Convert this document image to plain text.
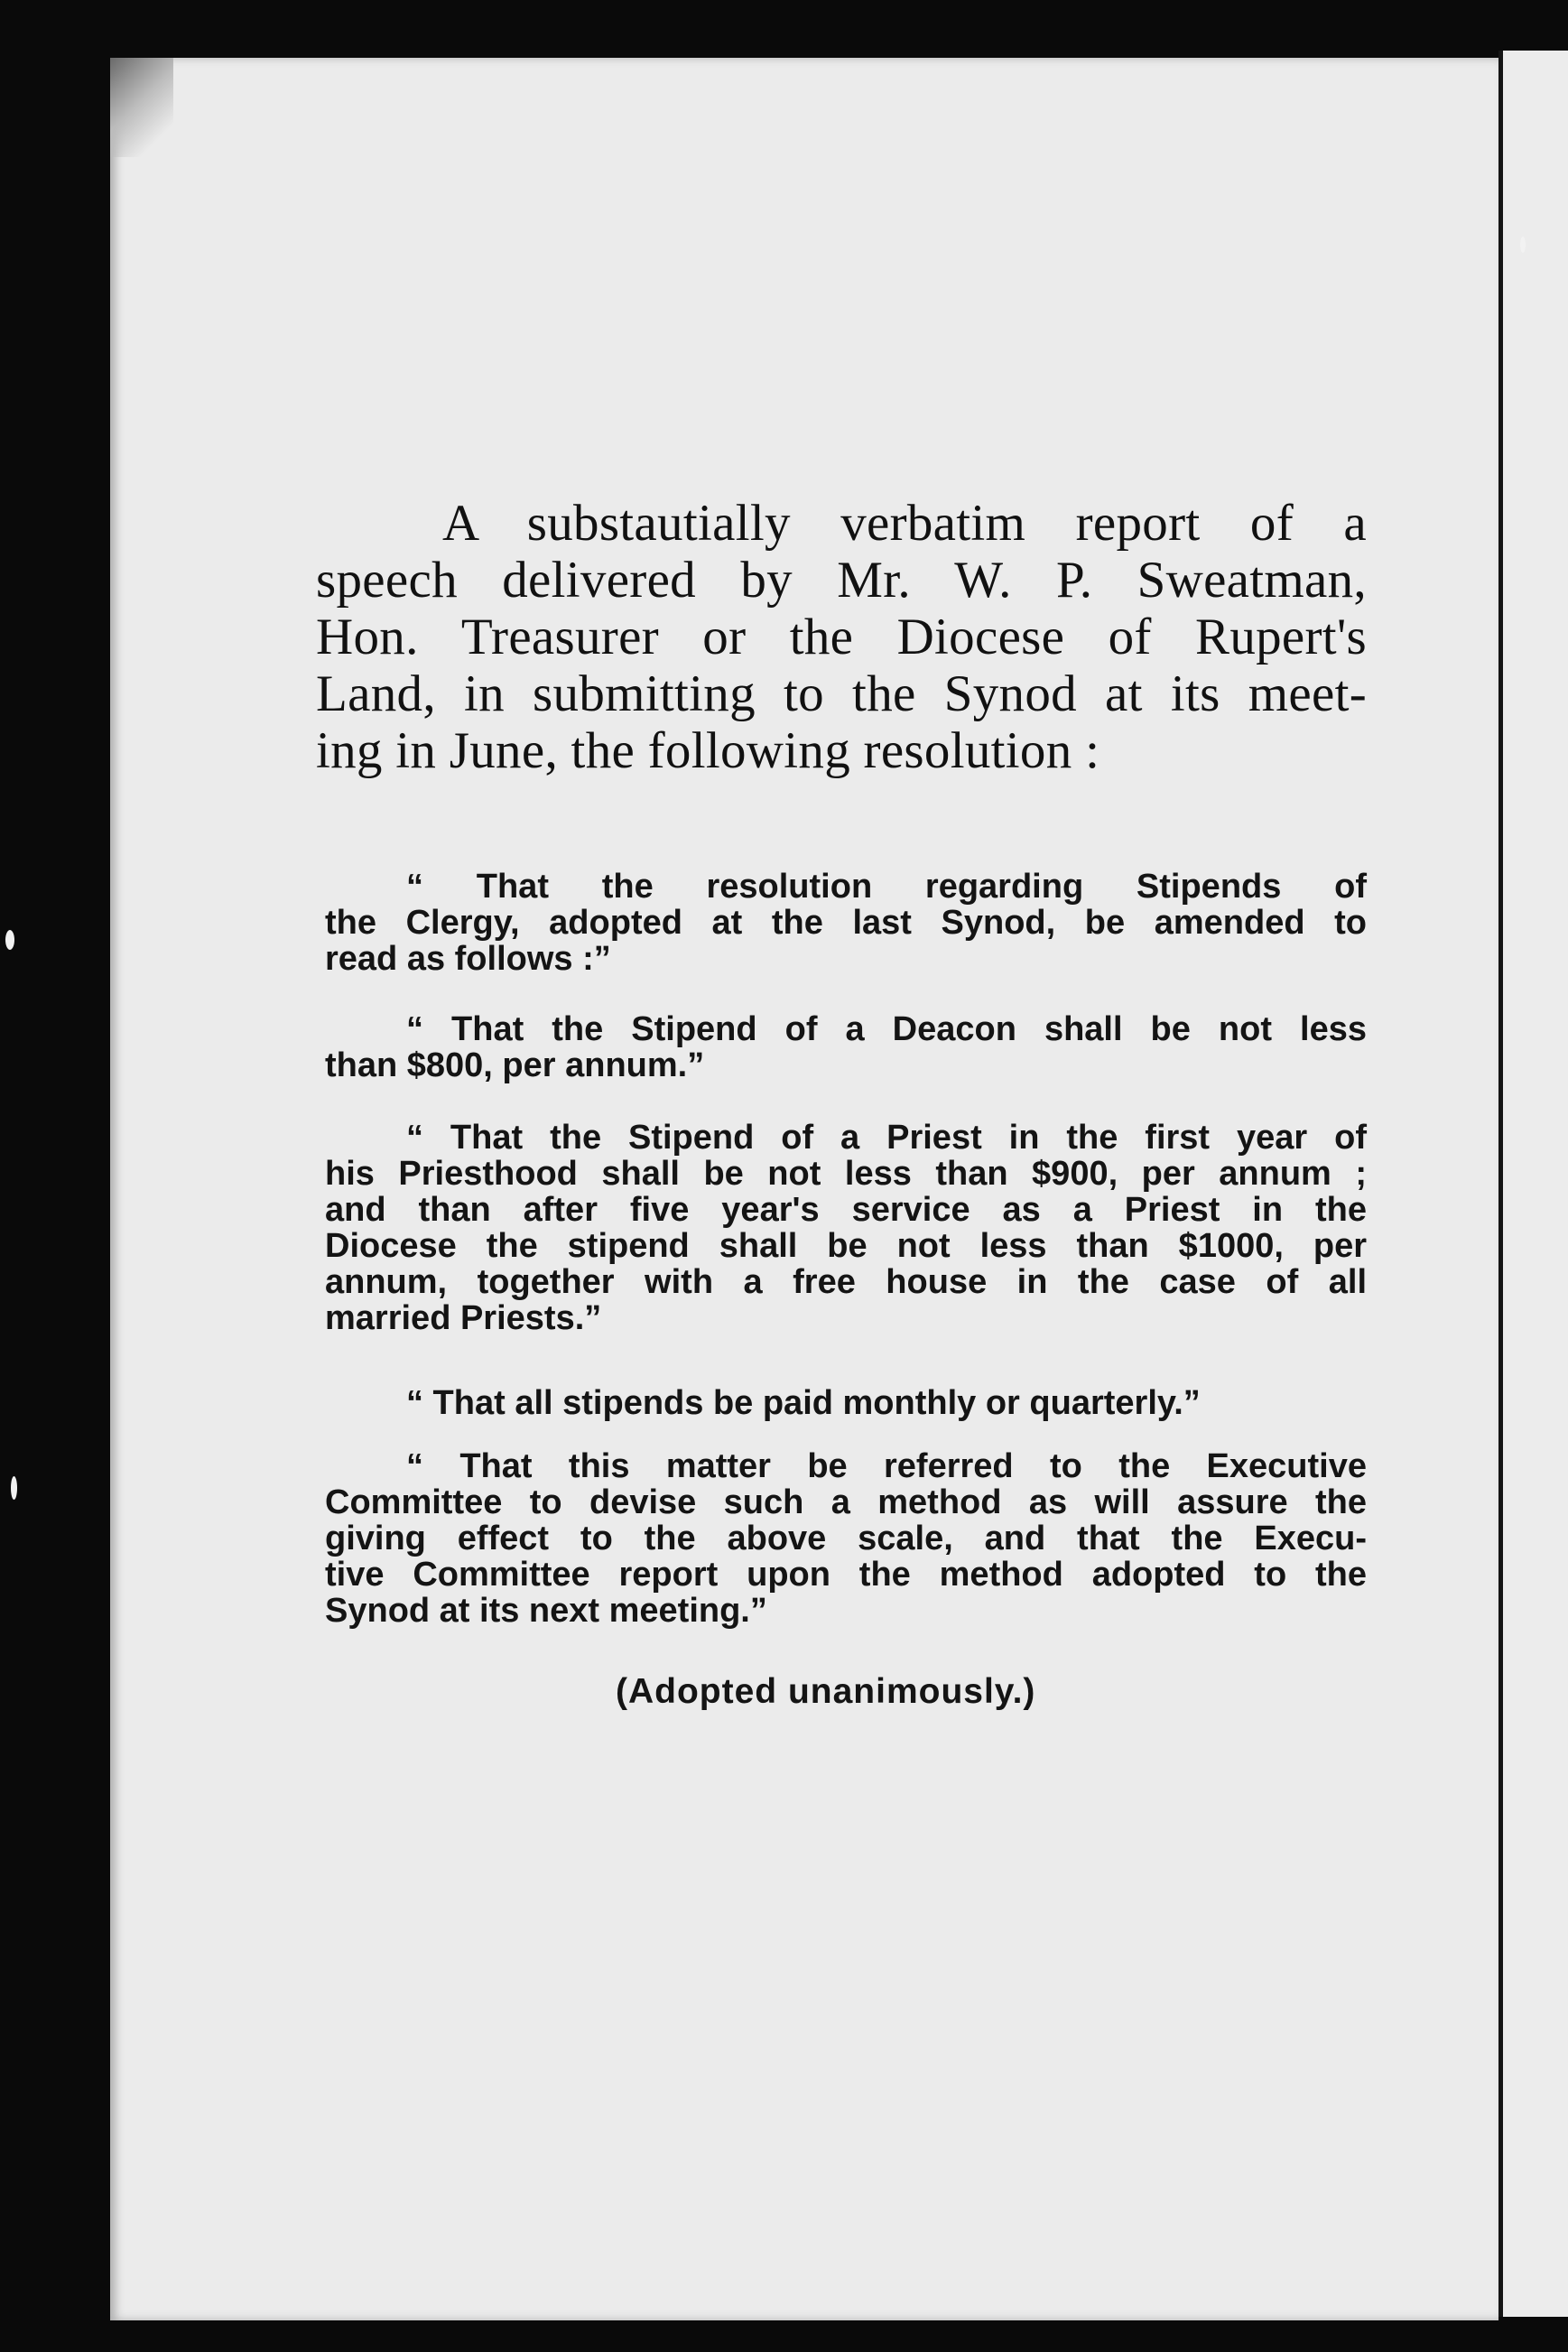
A substautially verbatim report of a
speech delivered by Mr. W. P. Sweatman,
Hon. Treasurer or the Diocese of Rupert's
Land, in submitting to the Synod at its meet-
ing in June, the following resolution :

“ That the resolution regarding Stipends of
the Clergy, adopted at the last Synod, be amended to
read as follows :”

“ That the Stipend of a Deacon shall be not less
than $800, per annum.”

“ That the Stipend of a Priest in the first year of
his Priesthood shall be not less than $900, per annum ;
and than after five year's service as a Priest in the
Diocese the stipend shall be not less than $1000, per
annum, together with a free house in the case of all
married Priests.”

“ That all stipends be paid monthly or quarterly.”

“ That this matter be referred to the Executive
Committee to devise such a method as will assure the
giving effect to the above scale, and that the Execu-
tive Committee report upon the method adopted to the
Synod at its next meeting.”

(Adopted unanimously.)
